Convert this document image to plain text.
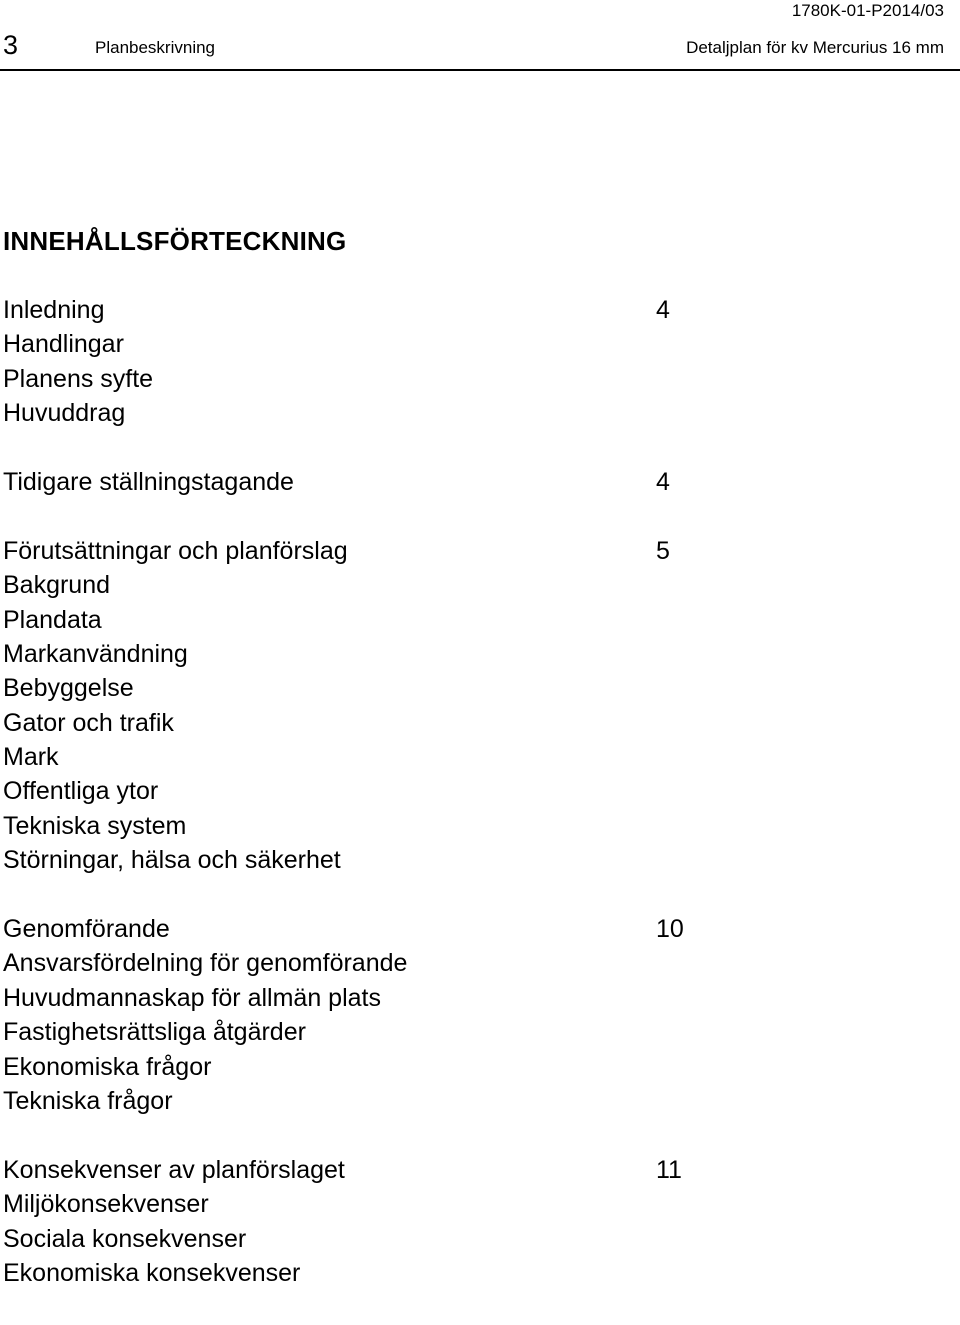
1780K-01-P2014/03
3	Planbeskrivning	Detaljplan för kv Mercurius 16 mm
INNEHÅLLSFÖRTECKNING
Inledning	4
Handlingar
Planens syfte
Huvuddrag
Tidigare ställningstagande	4
Förutsättningar och planförslag	5
Bakgrund
Plandata
Markanvändning
Bebyggelse
Gator och trafik
Mark
Offentliga ytor
Tekniska system
Störningar, hälsa och säkerhet
Genomförande	10
Ansvarsfördelning för genomförande
Huvudmannaskap för allmän plats
Fastighetsrättsliga åtgärder
Ekonomiska frågor
Tekniska frågor
Konsekvenser av planförslaget	11
Miljökonsekvenser
Sociala konsekvenser
Ekonomiska konsekvenser
